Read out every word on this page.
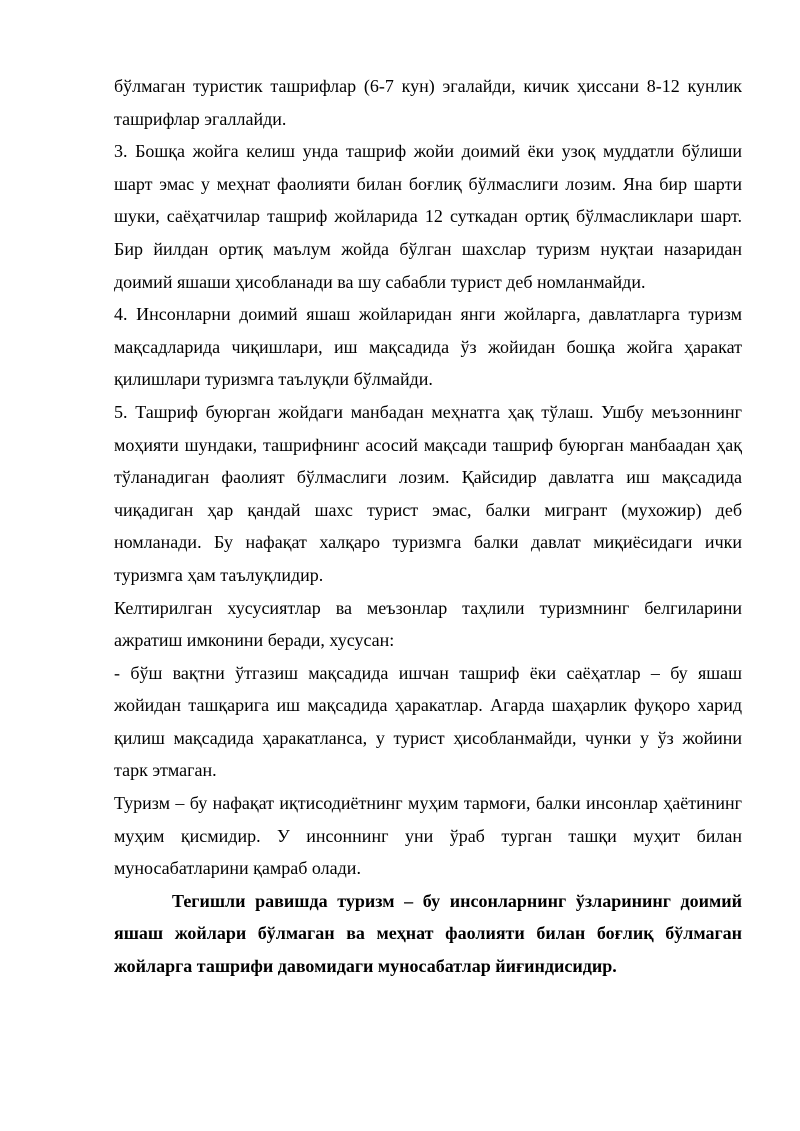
бўлмаган туристик ташрифлар (6-7 кун) эгалайди, кичик ҳиссани 8-12 кунлик ташрифлар эгаллайди.

3. Бошқа жойга келиш унда ташриф жойи доимий ёки узоқ муддатли бўлиши шарт эмас у меҳнат фаолияти билан боғлиқ бўлмаслиги лозим. Яна бир шарти шуки, саёҳатчилар ташриф жойларида 12 суткадан ортиқ бўлмасликлари шарт. Бир йилдан ортиқ маълум жойда бўлган шахслар туризм нуқтаи назаридан доимий яшаши ҳисобланади ва шу сабабли турист деб номланмайди.

4. Инсонларни доимий яшаш жойларидан янги жойларга, давлатларга туризм мақсадларида чиқишлари, иш мақсадида ўз жойидан бошқа жойга ҳаракат қилишлари туризмга таълуқли бўлмайди.

5. Ташриф буюрган жойдаги манбадан меҳнатга ҳақ тўлаш. Ушбу меъзоннинг моҳияти шундаки, ташрифнинг асосий мақсади ташриф буюрган манбаадан ҳақ тўланадиган фаолият бўлмаслиги лозим. Қайсидир давлатга иш мақсадида чиқадиган ҳар қандай шахс турист эмас, балки мигрант (мухожир) деб номланади. Бу нафақат халқаро туризмга балки давлат миқиёсидаги ички туризмга ҳам таълуқлидир.

Келтирилган хусусиятлар ва меъзонлар таҳлили туризмнинг белгиларини ажратиш имконини беради, хусусан:

- бўш вақтни ўтгазиш мақсадида ишчан ташриф ёки саёҳатлар – бу яшаш жойидан ташқарига иш мақсадида ҳаракатлар. Агарда шаҳарлик фуқоро харид қилиш мақсадида ҳаракатланса, у турист ҳисобланмайди, чунки у ўз жойини тарк этмаган.

Туризм – бу нафақат иқтисодиётнинг муҳим тармоғи, балки инсонлар ҳаётининг муҳим қисмидир. У инсоннинг уни ўраб турган ташқи муҳит билан муносабатларини қамраб олади.

Тегишли равишда туризм – бу инсонларнинг ўзларининг доимий яшаш жойлари бўлмаган ва меҳнат фаолияти билан боғлиқ бўлмаган жойларга ташрифи давомидаги муносабатлар йиғиндисидир.
